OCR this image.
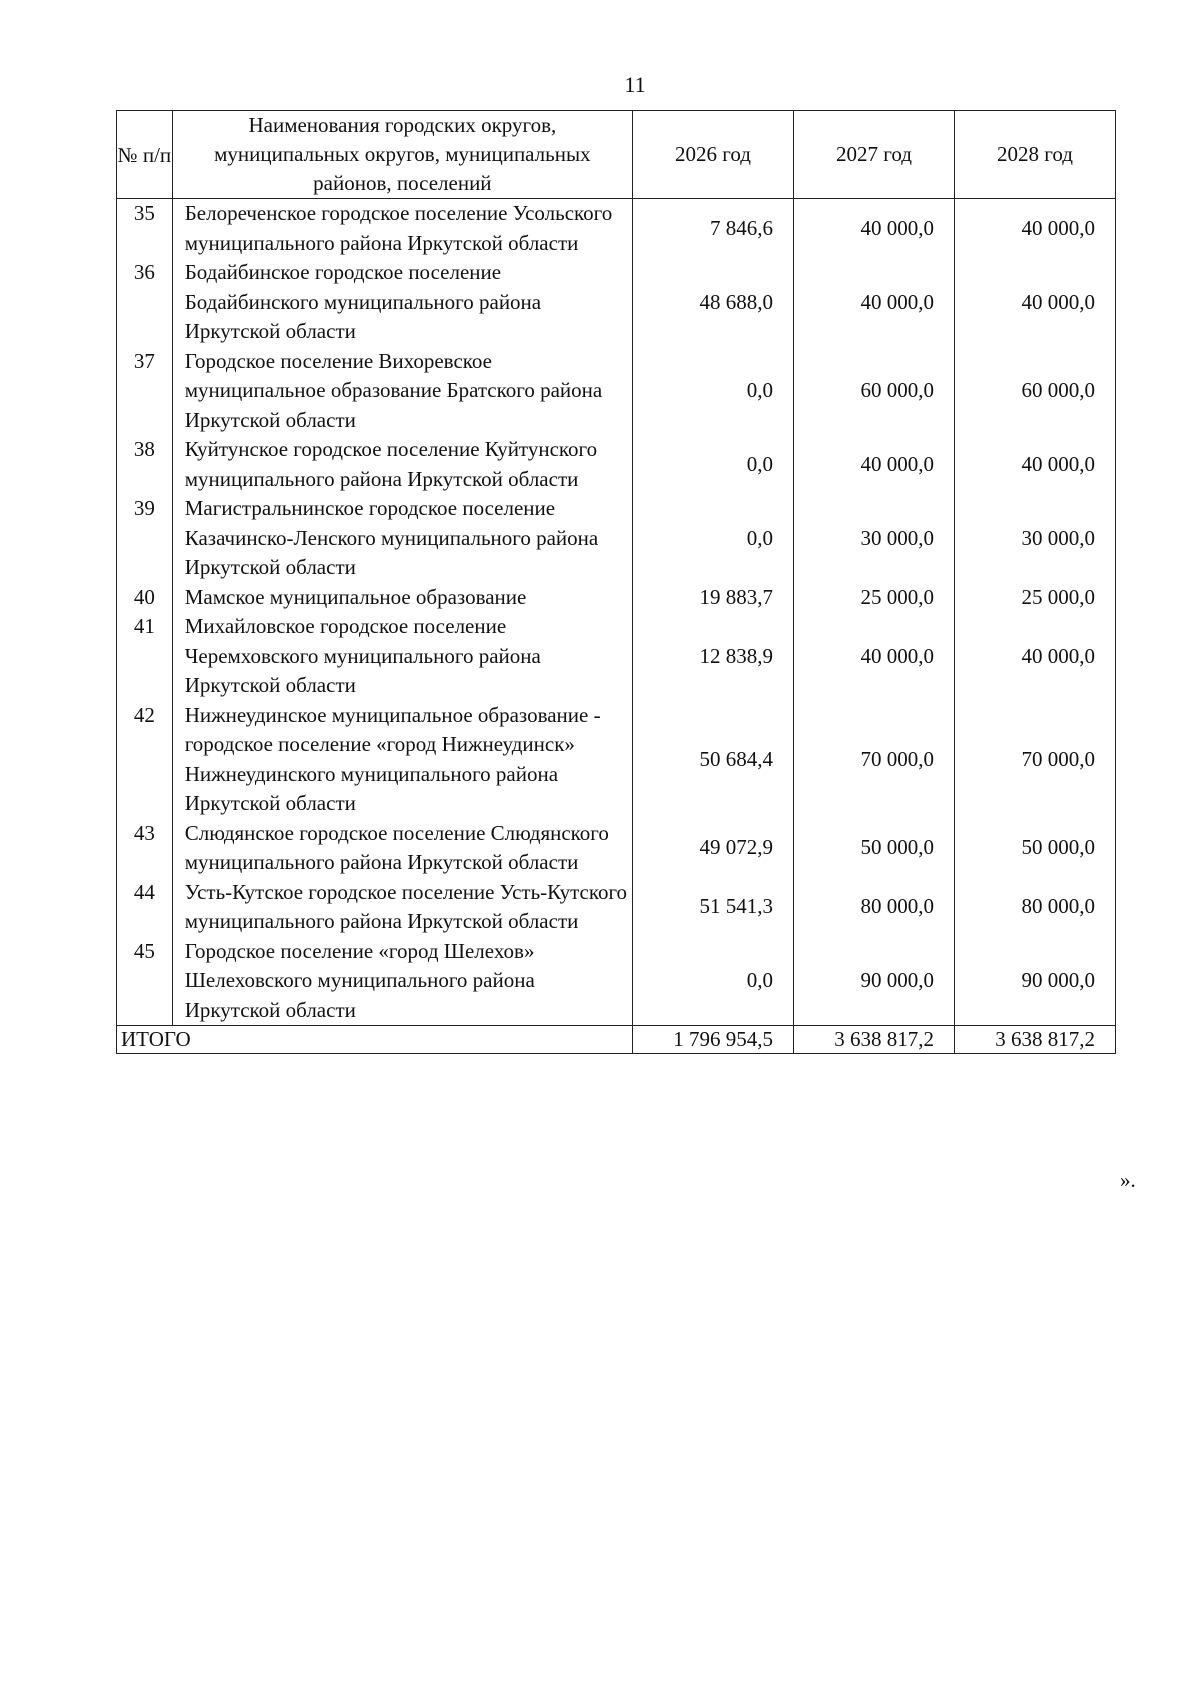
11
№ п/п	Наименования городских округов, муниципальных округов, муниципальных районов, поселений	2026 год	2027 год	2028 год
35	Белореченское городское поселение Усольского муниципального района Иркутской области	7 846,6	40 000,0	40 000,0
36	Бодайбинское городское поселение Бодайбинского муниципального района Иркутской области	48 688,0	40 000,0	40 000,0
37	Городское поселение Вихоревское муниципальное образование Братского района Иркутской области	0,0	60 000,0	60 000,0
38	Куйтунское городское поселение Куйтунского муниципального района Иркутской области	0,0	40 000,0	40 000,0
39	Магистральнинское городское поселение Казачинско-Ленского муниципального района Иркутской области	0,0	30 000,0	30 000,0
40	Мамское муниципальное образование	19 883,7	25 000,0	25 000,0
41	Михайловское городское поселение Черемховского муниципального района Иркутской области	12 838,9	40 000,0	40 000,0
42	Нижнеудинское муниципальное образование - городское поселение «город Нижнеудинск» Нижнеудинского муниципального района Иркутской области	50 684,4	70 000,0	70 000,0
43	Слюдянское городское поселение Слюдянского муниципального района Иркутской области	49 072,9	50 000,0	50 000,0
44	Усть-Кутское городское поселение Усть-Кутского муниципального района Иркутской области	51 541,3	80 000,0	80 000,0
45	Городское поселение «город Шелехов» Шелеховского муниципального района Иркутской области	0,0	90 000,0	90 000,0
ИТОГО		1 796 954,5	3 638 817,2	3 638 817,2
».
